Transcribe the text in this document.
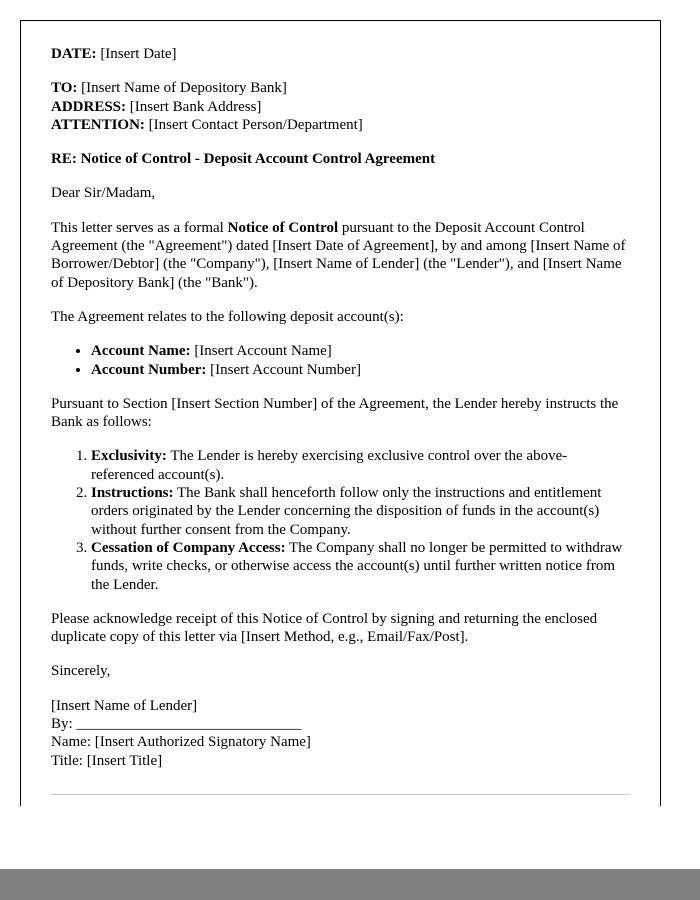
DATE: [Insert Date]

TO: [Insert Name of Depository Bank]
ADDRESS: [Insert Bank Address]
ATTENTION: [Insert Contact Person/Department]

RE: Notice of Control - Deposit Account Control Agreement

Dear Sir/Madam,

This letter serves as a formal Notice of Control pursuant to the Deposit Account Control Agreement (the "Agreement") dated [Insert Date of Agreement], by and among [Insert Name of Borrower/Debtor] (the "Company"), [Insert Name of Lender] (the "Lender"), and [Insert Name of Depository Bank] (the "Bank").

The Agreement relates to the following deposit account(s):

• Account Name: [Insert Account Name]
• Account Number: [Insert Account Number]

Pursuant to Section [Insert Section Number] of the Agreement, the Lender hereby instructs the Bank as follows:

1. Exclusivity: The Lender is hereby exercising exclusive control over the above-referenced account(s).
2. Instructions: The Bank shall henceforth follow only the instructions and entitlement orders originated by the Lender concerning the disposition of funds in the account(s) without further consent from the Company.
3. Cessation of Company Access: The Company shall no longer be permitted to withdraw funds, write checks, or otherwise access the account(s) until further written notice from the Lender.

Please acknowledge receipt of this Notice of Control by signing and returning the enclosed duplicate copy of this letter via [Insert Method, e.g., Email/Fax/Post].

Sincerely,

[Insert Name of Lender]
By: ______________________________
Name: [Insert Authorized Signatory Name]
Title: [Insert Title]
